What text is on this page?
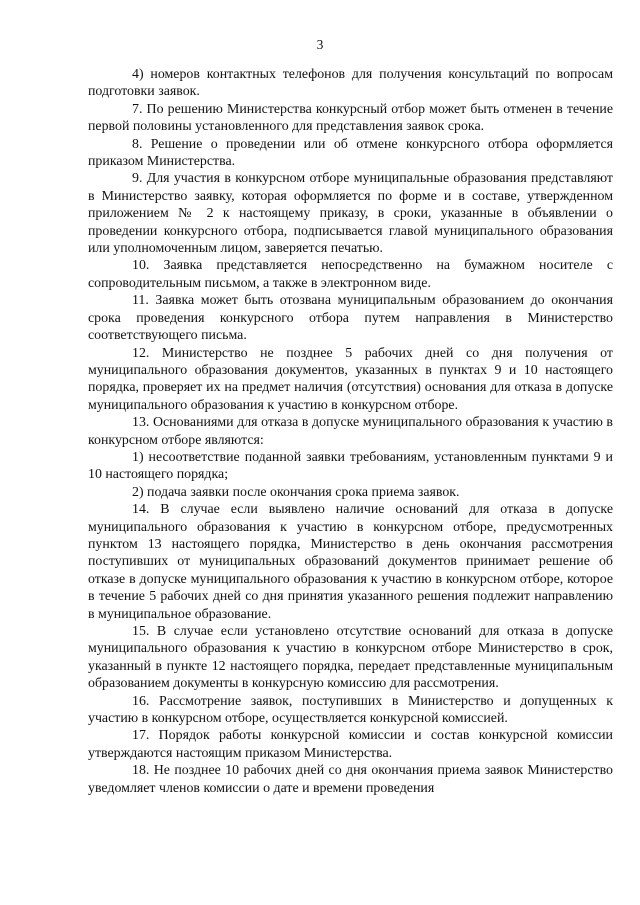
3

4) номеров контактных телефонов для получения консультаций по вопросам подготовки заявок.

7. По решению Министерства конкурсный отбор может быть отменен в течение первой половины установленного для представления заявок срока.

8. Решение о проведении или об отмене конкурсного отбора оформляется приказом Министерства.

9. Для участия в конкурсном отборе муниципальные образования представляют в Министерство заявку, которая оформляется по форме и в составе, утвержденном приложением № 2 к настоящему приказу, в сроки, указанные в объявлении о проведении конкурсного отбора, подписывается главой муниципального образования или уполномоченным лицом, заверяется печатью.

10. Заявка представляется непосредственно на бумажном носителе с сопроводительным письмом, а также в электронном виде.

11. Заявка может быть отозвана муниципальным образованием до окончания срока проведения конкурсного отбора путем направления в Министерство соответствующего письма.

12. Министерство не позднее 5 рабочих дней со дня получения от муниципального образования документов, указанных в пунктах 9 и 10 настоящего порядка, проверяет их на предмет наличия (отсутствия) основания для отказа в допуске муниципального образования к участию в конкурсном отборе.

13. Основаниями для отказа в допуске муниципального образования к участию в конкурсном отборе являются:

1) несоответствие поданной заявки требованиям, установленным пунктами 9 и 10 настоящего порядка;

2) подача заявки после окончания срока приема заявок.

14. В случае если выявлено наличие оснований для отказа в допуске муниципального образования к участию в конкурсном отборе, предусмотренных пунктом 13 настоящего порядка, Министерство в день окончания рассмотрения поступивших от муниципальных образований документов принимает решение об отказе в допуске муниципального образования к участию в конкурсном отборе, которое в течение 5 рабочих дней со дня принятия указанного решения подлежит направлению в муниципальное образование.

15. В случае если установлено отсутствие оснований для отказа в допуске муниципального образования к участию в конкурсном отборе Министерство в срок, указанный в пункте 12 настоящего порядка, передает представленные муниципальным образованием документы в конкурсную комиссию для рассмотрения.

16. Рассмотрение заявок, поступивших в Министерство и допущенных к участию в конкурсном отборе, осуществляется конкурсной комиссией.

17. Порядок работы конкурсной комиссии и состав конкурсной комиссии утверждаются настоящим приказом Министерства.

18. Не позднее 10 рабочих дней со дня окончания приема заявок Министерство уведомляет членов комиссии о дате и времени проведения
